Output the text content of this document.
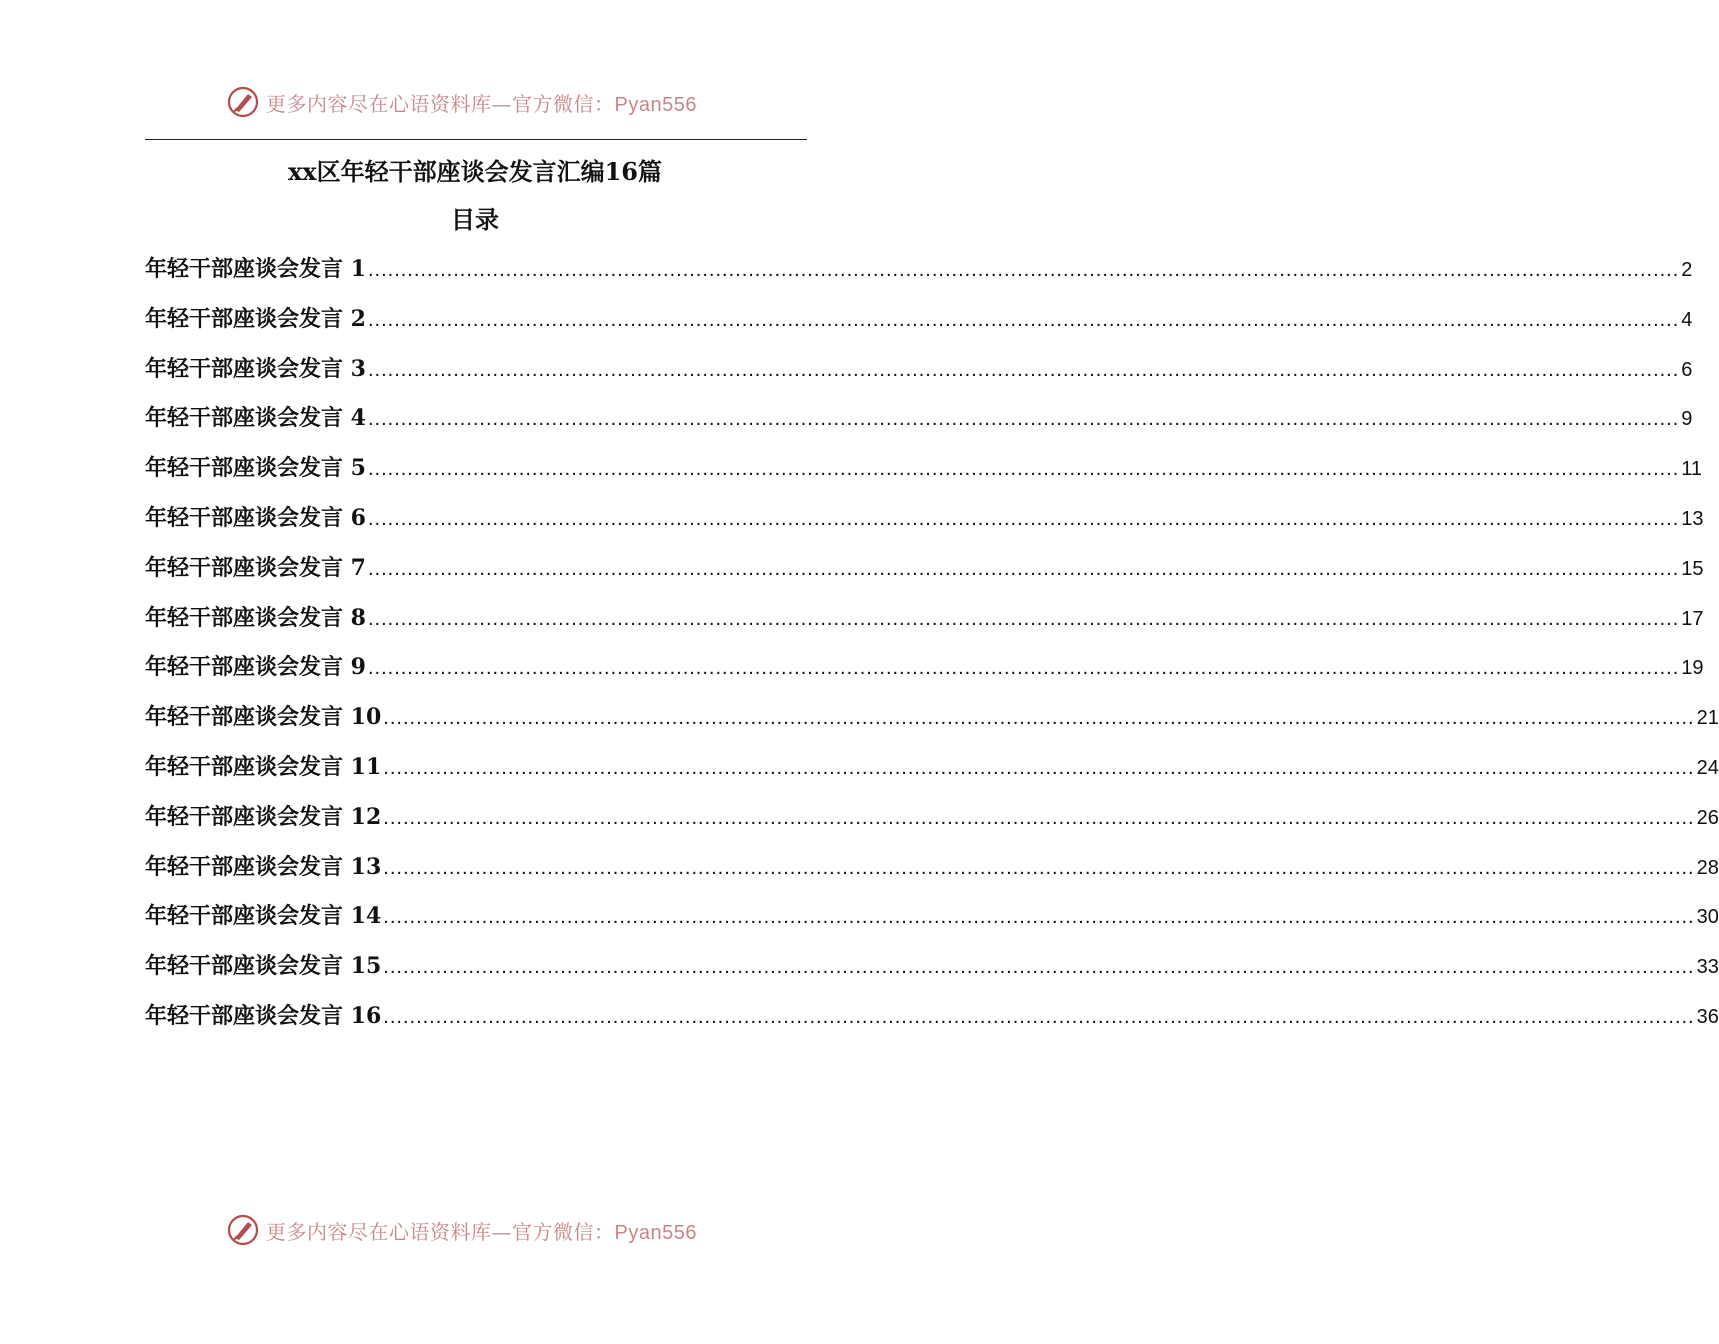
更多内容尽在心语资料库—官方微信：Pyan556
xx区年轻干部座谈会发言汇编16篇
目录
年轻干部座谈会发言 1 ........................................................................................................................................................................................................ 2
年轻干部座谈会发言 2 ........................................................................................................................................................................................................ 4
年轻干部座谈会发言 3 ........................................................................................................................................................................................................ 6
年轻干部座谈会发言 4 ........................................................................................................................................................................................................ 9
年轻干部座谈会发言 5 ........................................................................................................................................................................................................ 11
年轻干部座谈会发言 6 ........................................................................................................................................................................................................ 13
年轻干部座谈会发言 7 ........................................................................................................................................................................................................ 15
年轻干部座谈会发言 8 ........................................................................................................................................................................................................ 17
年轻干部座谈会发言 9 ........................................................................................................................................................................................................ 19
年轻干部座谈会发言 10 ........................................................................................................................................................................................................ 21
年轻干部座谈会发言 11 ........................................................................................................................................................................................................ 24
年轻干部座谈会发言 12 ........................................................................................................................................................................................................ 26
年轻干部座谈会发言 13 ........................................................................................................................................................................................................ 28
年轻干部座谈会发言 14 ........................................................................................................................................................................................................ 30
年轻干部座谈会发言 15 ........................................................................................................................................................................................................ 33
年轻干部座谈会发言 16 ........................................................................................................................................................................................................ 36
更多内容尽在心语资料库—官方微信：Pyan556
